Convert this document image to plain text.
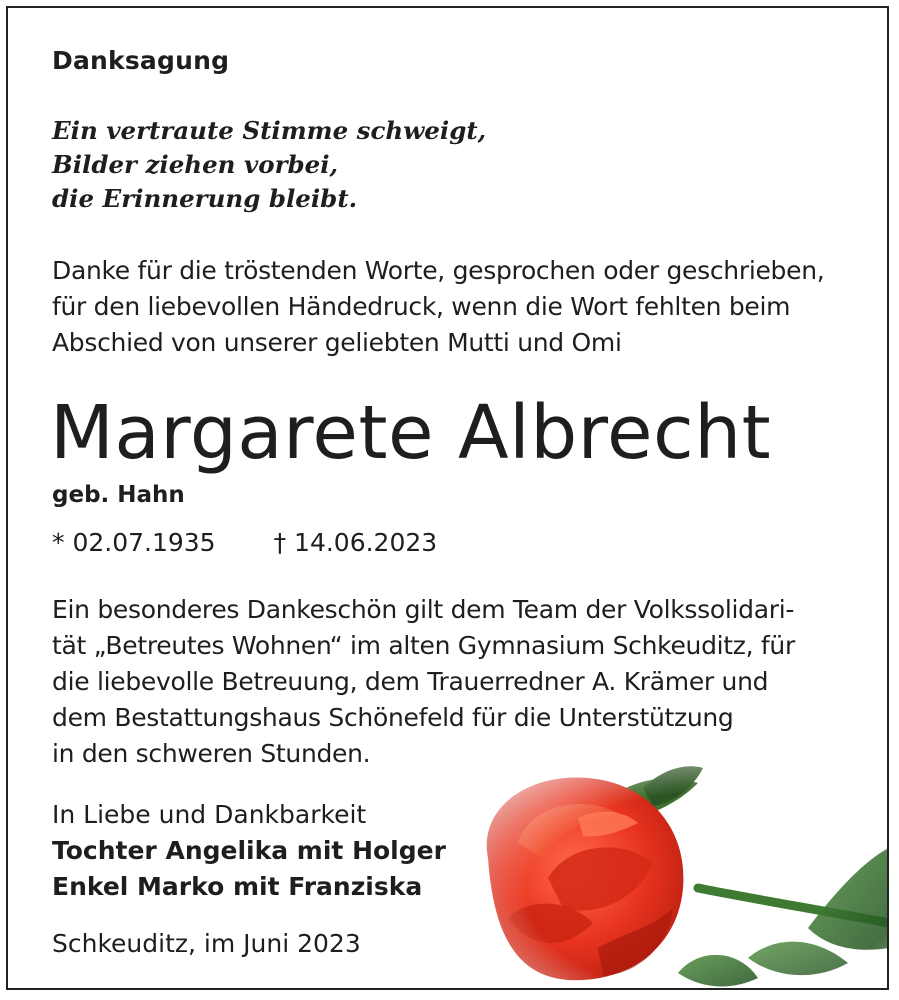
Danksagung
Ein vertraute Stimme schweigt,
Bilder ziehen vorbei,
die Erinnerung bleibt.
Danke für die tröstenden Worte, gesprochen oder geschrieben,
für den liebevollen Händedruck, wenn die Wort fehlten beim
Abschied von unserer geliebten Mutti und Omi
Margarete Albrecht
geb. Hahn
* 02.07.1935 † 14.06.2023
Ein besonderes Dankeschön gilt dem Team der Volkssolidari-
tät „Betreutes Wohnen“ im alten Gymnasium Schkeuditz, für
die liebevolle Betreuung, dem Trauerredner A. Krämer und
dem Bestattungshaus Schönefeld für die Unterstützung
in den schweren Stunden.
In Liebe und Dankbarkeit
Tochter Angelika mit Holger
Enkel Marko mit Franziska
Schkeuditz, im Juni 2023
